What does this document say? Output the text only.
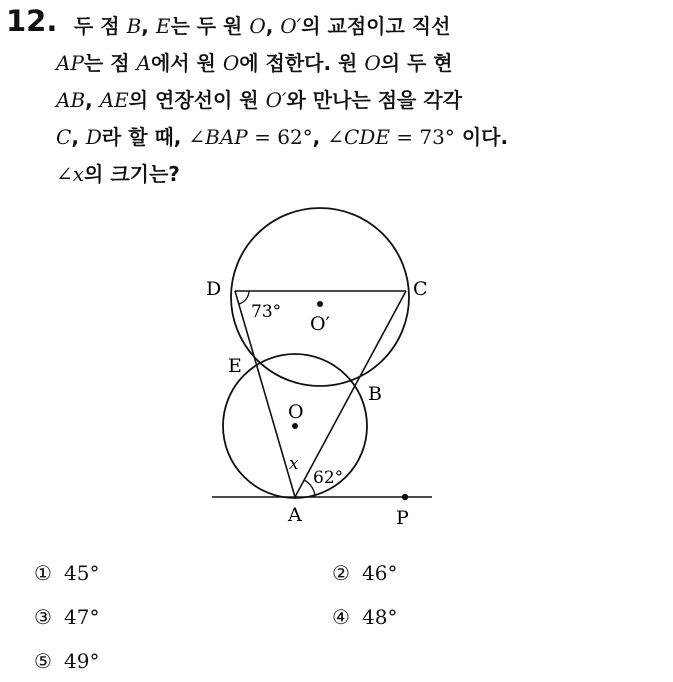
12. 두 점 B, E는 두 원 O, O′의 교점이고 직선
AP는 점 A에서 원 O에 접한다. 원 O의 두 현
AB, AE의 연장선이 원 O′와 만나는 점을 각각
C, D라 할 때, ∠BAP = 62°, ∠CDE = 73° 이다.
∠x의 크기는?
D	C
E
B
O
O′
A	P
73°
62°
x
① 45°	② 46°
③ 47°	④ 48°
⑤ 49°
